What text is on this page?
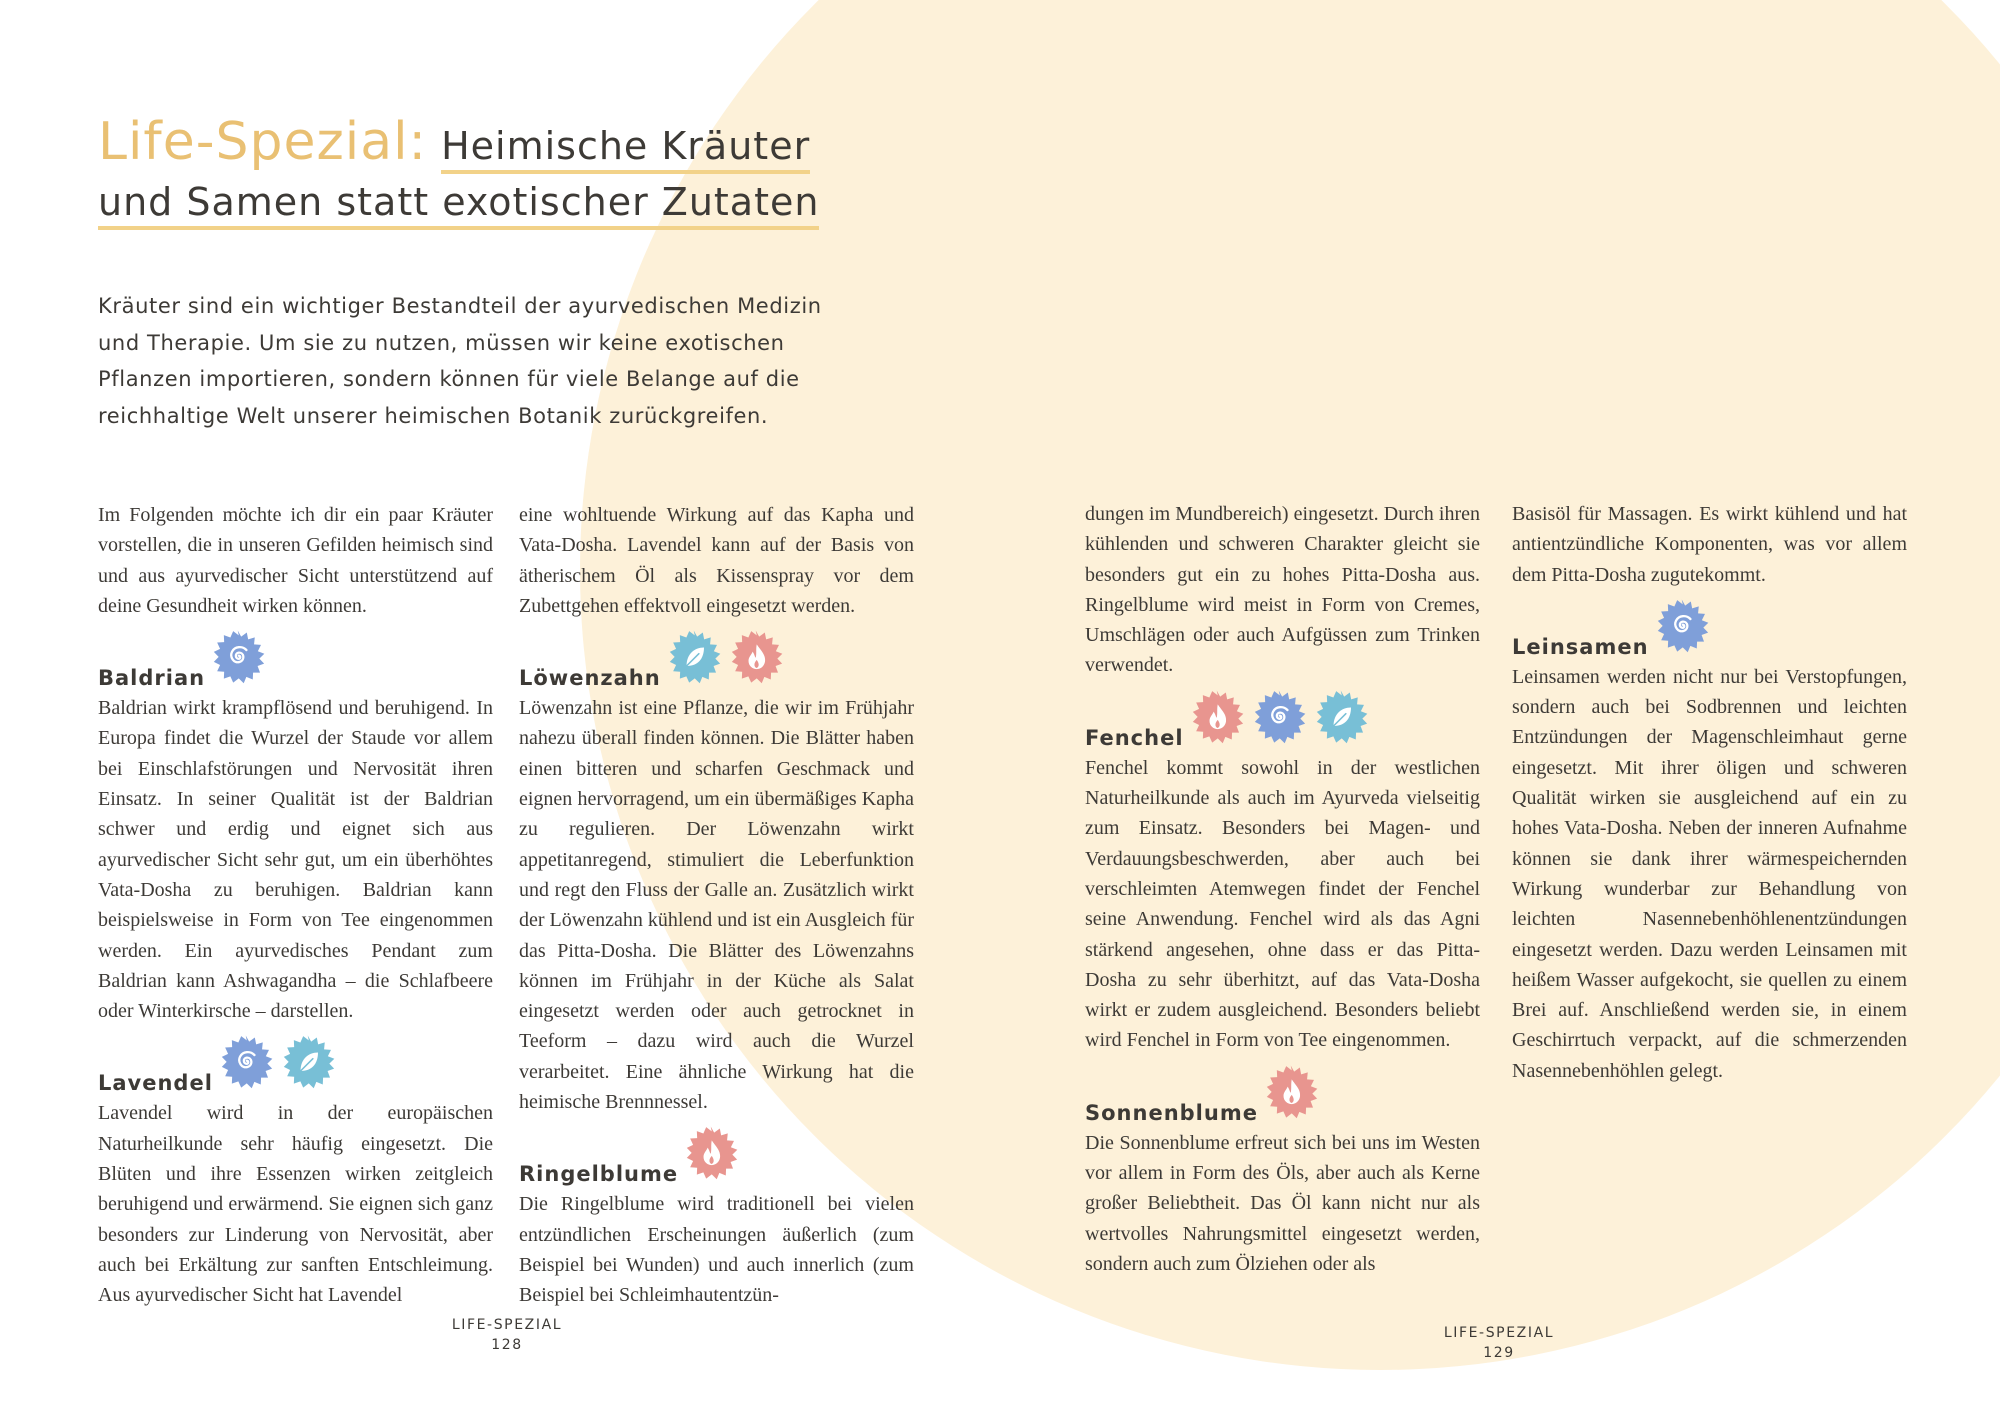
Life-Spezial: Heimische Kräuter
und Samen statt exotischer Zutaten

Kräuter sind ein wichtiger Bestandteil der ayurvedischen Medizin und Therapie. Um sie zu nutzen, müssen wir keine exotischen Pflanzen importieren, sondern können für viele Belange auf die reichhaltige Welt unserer heimischen Botanik zurückgreifen.

Im Folgenden möchte ich dir ein paar Kräuter vorstellen, die in unseren Gefilden heimisch sind und aus ayurvedischer Sicht unterstützend auf deine Gesundheit wirken können.

Baldrian

Baldrian wirkt krampflösend und beruhigend. In Europa findet die Wurzel der Staude vor allem bei Einschlafstörungen und Nervosität ihren Einsatz. In seiner Qualität ist der Baldrian schwer und erdig und eignet sich aus ayurvedischer Sicht sehr gut, um ein überhöhtes Vata-Dosha zu beruhigen. Baldrian kann beispielsweise in Form von Tee eingenommen werden. Ein ayurvedisches Pendant zum Baldrian kann Ashwagandha – die Schlafbeere oder Winterkirsche – darstellen.

Lavendel

Lavendel wird in der europäischen Naturheilkunde sehr häufig eingesetzt. Die Blüten und ihre Essenzen wirken zeitgleich beruhigend und erwärmend. Sie eignen sich ganz besonders zur Linderung von Nervosität, aber auch bei Erkältung zur sanften Entschleimung. Aus ayurvedischer Sicht hat Lavendel

eine wohltuende Wirkung auf das Kapha und Vata-Dosha. Lavendel kann auf der Basis von ätherischem Öl als Kissenspray vor dem Zubettgehen effektvoll eingesetzt werden.

Löwenzahn

Löwenzahn ist eine Pflanze, die wir im Frühjahr nahezu überall finden können. Die Blätter haben einen bitteren und scharfen Geschmack und eignen hervorragend, um ein übermäßiges Kapha zu regulieren. Der Löwenzahn wirkt appetitanregend, stimuliert die Leberfunktion und regt den Fluss der Galle an. Zusätzlich wirkt der Löwenzahn kühlend und ist ein Ausgleich für das Pitta-Dosha. Die Blätter des Löwenzahns können im Frühjahr in der Küche als Salat eingesetzt werden oder auch getrocknet in Teeform – dazu wird auch die Wurzel verarbeitet. Eine ähnliche Wirkung hat die heimische Brennnessel.

Ringelblume

Die Ringelblume wird traditionell bei vielen entzündlichen Erscheinungen äußerlich (zum Beispiel bei Wunden) und auch innerlich (zum Beispiel bei Schleimhautentzün-

LIFE-SPEZIAL
128

dungen im Mundbereich) eingesetzt. Durch ihren kühlenden und schweren Charakter gleicht sie besonders gut ein zu hohes Pitta-Dosha aus. Ringelblume wird meist in Form von Cremes, Umschlägen oder auch Aufgüssen zum Trinken verwendet.

Fenchel

Fenchel kommt sowohl in der westlichen Naturheilkunde als auch im Ayurveda vielseitig zum Einsatz. Besonders bei Magen- und Verdauungsbeschwerden, aber auch bei verschleimten Atemwegen findet der Fenchel seine Anwendung. Fenchel wird als das Agni stärkend angesehen, ohne dass er das Pitta-Dosha zu sehr überhitzt, auf das Vata-Dosha wirkt er zudem ausgleichend. Besonders beliebt wird Fenchel in Form von Tee eingenommen.

Sonnenblume

Die Sonnenblume erfreut sich bei uns im Westen vor allem in Form des Öls, aber auch als Kerne großer Beliebtheit. Das Öl kann nicht nur als wertvolles Nahrungsmittel eingesetzt werden, sondern auch zum Ölziehen oder als

Basisöl für Massagen. Es wirkt kühlend und hat antientzündliche Komponenten, was vor allem dem Pitta-Dosha zugutekommt.

Leinsamen

Leinsamen werden nicht nur bei Verstopfungen, sondern auch bei Sodbrennen und leichten Entzündungen der Magenschleimhaut gerne eingesetzt. Mit ihrer öligen und schweren Qualität wirken sie ausgleichend auf ein zu hohes Vata-Dosha. Neben der inneren Aufnahme können sie dank ihrer wärmespeichernden Wirkung wunderbar zur Behandlung von leichten Nasennebenhöhlenentzündungen eingesetzt werden. Dazu werden Leinsamen mit heißem Wasser aufgekocht, sie quellen zu einem Brei auf. Anschließend werden sie, in einem Geschirrtuch verpackt, auf die schmerzenden Nasennebenhöhlen gelegt.

LIFE-SPEZIAL
129
